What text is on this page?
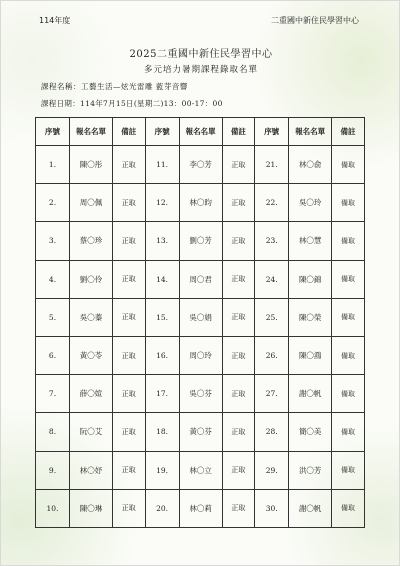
114年度	二重國中新住民學習中心
2025二重國中新住民學習中心
多元培力暑期課程錄取名單
課程名稱：工藝生活—炫光雷雕 藍芽音響
課程日期：114年7月15日(星期二)13：00-17：00
序號	報名名單	備註	序號	報名名單	備註	序號	報名名單	備註
1.	陳〇彤	正取	11.	李〇芳	正取	21.	林〇俞	備取
2.	周〇佩	正取	12.	林〇昀	正取	22.	吳〇玲	備取
3.	蔡〇珍	正取	13.	劉〇芳	正取	23.	林〇慧	備取
4.	劉〇伶	正取	14.	周〇君	正取	24.	陳〇錦	備取
5.	吳〇蓁	正取	15.	吳〇娟	正取	25.	陳〇榮	備取
6.	黃〇苓	正取	16.	周〇玲	正取	26.	陳〇鴻	備取
7.	薛〇媗	正取	17.	吳〇芬	正取	27.	謝〇帆	備取
8.	阮〇艾	正取	18.	黃〇芬	正取	28.	簡〇美	備取
9.	林〇妤	正取	19.	林〇立	正取	29.	洪〇芳	備取
10.	陳〇琳	正取	20.	林〇莉	正取	30.	謝〇帆	備取
